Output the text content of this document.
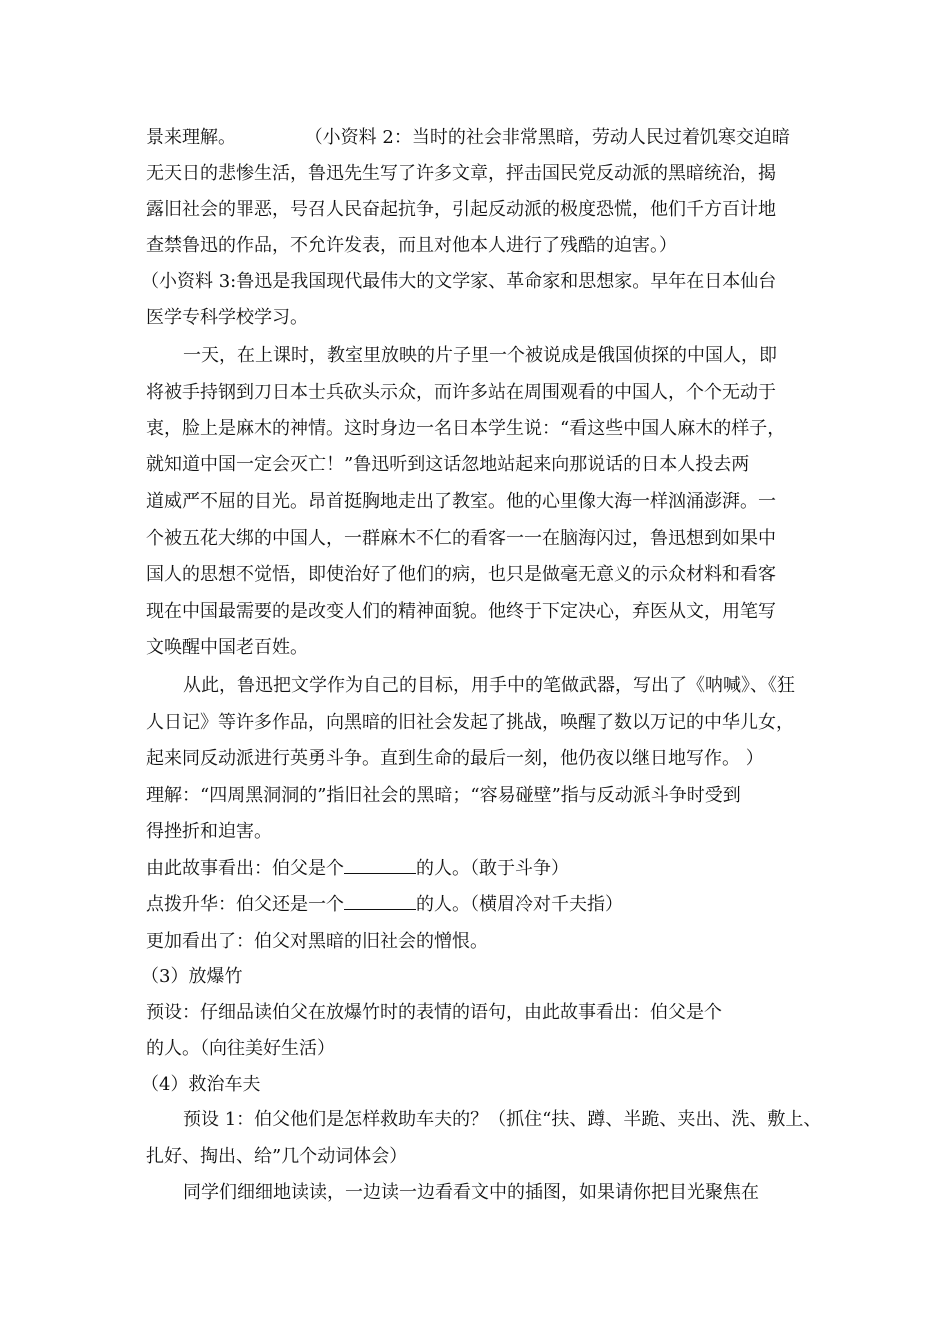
景来理解。            （小资料 2：当时的社会非常黑暗，劳动人民过着饥寒交迫暗
无天日的悲惨生活，鲁迅先生写了许多文章，抨击国民党反动派的黑暗统治，揭
露旧社会的罪恶，号召人民奋起抗争，引起反动派的极度恐慌，他们千方百计地
查禁鲁迅的作品，不允许发表，而且对他本人进行了残酷的迫害。）
（小资料 3:鲁迅是我国现代最伟大的文学家、革命家和思想家。早年在日本仙台
医学专科学校学习。
一天，在上课时，教室里放映的片子里一个被说成是俄国侦探的中国人，即
将被手持钢到刀日本士兵砍头示众，而许多站在周围观看的中国人，个个无动于
衷，脸上是麻木的神情。这时身边一名日本学生说：“看这些中国人麻木的样子，
就知道中国一定会灭亡！”鲁迅听到这话忽地站起来向那说话的日本人投去两
道威严不屈的目光。昂首挺胸地走出了教室。他的心里像大海一样汹涌澎湃。一
个被五花大绑的中国人，一群麻木不仁的看客一一在脑海闪过，鲁迅想到如果中
国人的思想不觉悟，即使治好了他们的病，也只是做毫无意义的示众材料和看客
现在中国最需要的是改变人们的精神面貌。他终于下定决心，弃医从文，用笔写
文唤醒中国老百姓。
从此，鲁迅把文学作为自己的目标，用手中的笔做武器，写出了《呐喊》、《狂
人日记》等许多作品，向黑暗的旧社会发起了挑战，唤醒了数以万记的中华儿女，
起来同反动派进行英勇斗争。直到生命的最后一刻，他仍夜以继日地写作。 ）
理解：“四周黑洞洞的”指旧社会的黑暗；“容易碰壁”指与反动派斗争时受到
得挫折和迫害。
由此故事看出：伯父是个	的人。（敢于斗争）
点拨升华：伯父还是一个	的人。（横眉冷对千夫指）
更加看出了：伯父对黑暗的旧社会的憎恨。
（3）放爆竹
预设：仔细品读伯父在放爆竹时的表情的语句，由此故事看出：伯父是个
的人。（向往美好生活）
（4）救治车夫
预设 1：伯父他们是怎样救助车夫的？（抓住“扶、蹲、半跪、夹出、洗、敷上、
扎好、掏出、给”几个动词体会）
同学们细细地读读，一边读一边看看文中的插图，如果请你把目光聚焦在
